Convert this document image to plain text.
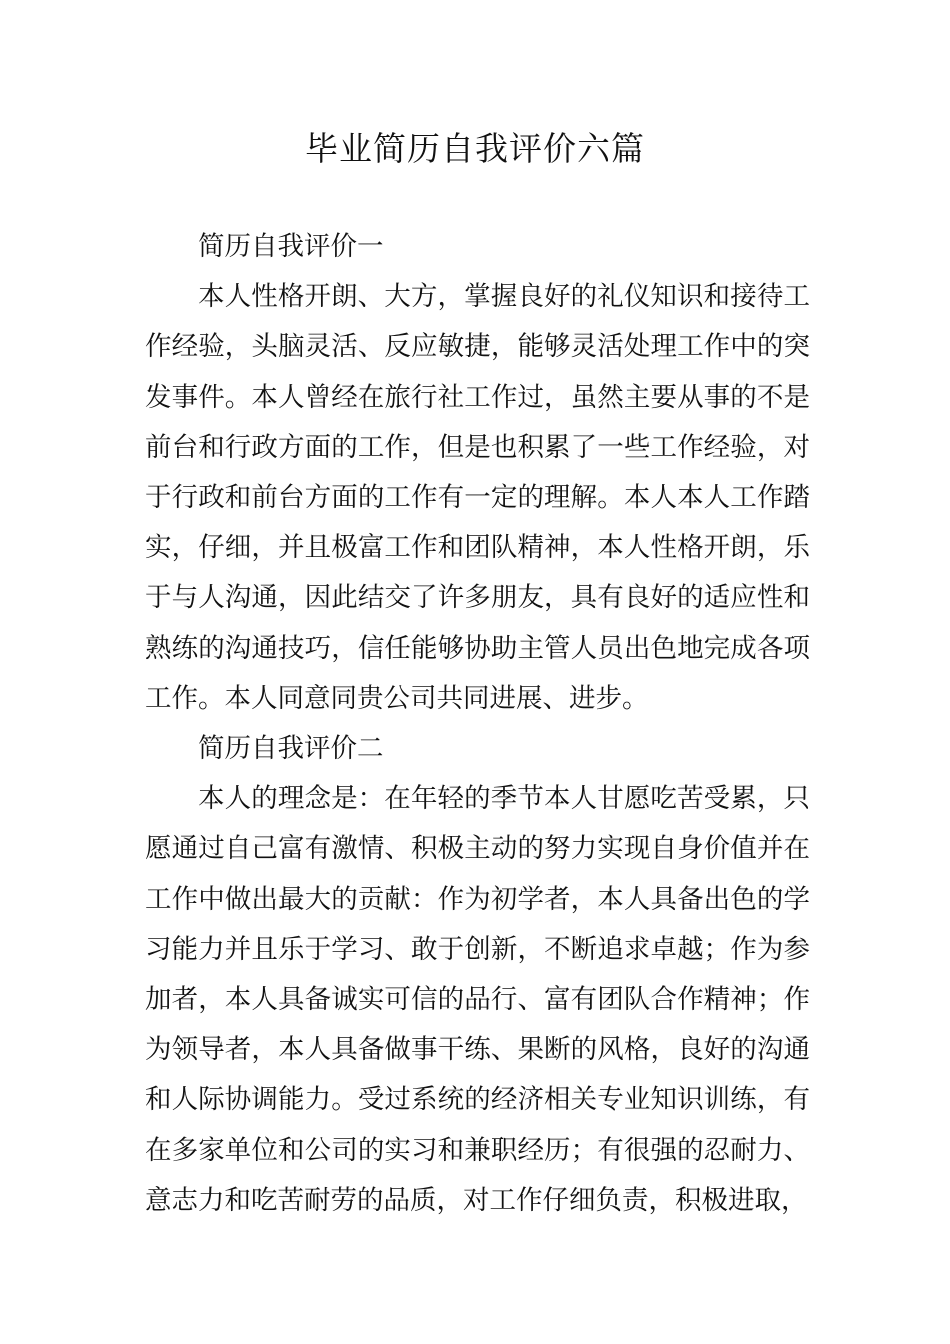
毕业简历自我评价六篇

简历自我评价一

本人性格开朗、大方，掌握良好的礼仪知识和接待工作经验，头脑灵活、反应敏捷，能够灵活处理工作中的突发事件。本人曾经在旅行社工作过，虽然主要从事的不是前台和行政方面的工作，但是也积累了一些工作经验，对于行政和前台方面的工作有一定的理解。本人本人工作踏实，仔细，并且极富工作和团队精神，本人性格开朗，乐于与人沟通，因此结交了许多朋友，具有良好的适应性和熟练的沟通技巧，信任能够协助主管人员出色地完成各项工作。本人同意同贵公司共同进展、进步。

简历自我评价二

本人的理念是：在年轻的季节本人甘愿吃苦受累，只愿通过自己富有激情、积极主动的努力实现自身价值并在工作中做出最大的贡献：作为初学者，本人具备出色的学习能力并且乐于学习、敢于创新，不断追求卓越；作为参加者，本人具备诚实可信的品行、富有团队合作精神；作为领导者，本人具备做事干练、果断的风格，良好的沟通和人际协调能力。受过系统的经济相关专业知识训练，有在多家单位和公司的实习和兼职经历；有很强的忍耐力、意志力和吃苦耐劳的品质，对工作仔细负责，积极进取，
